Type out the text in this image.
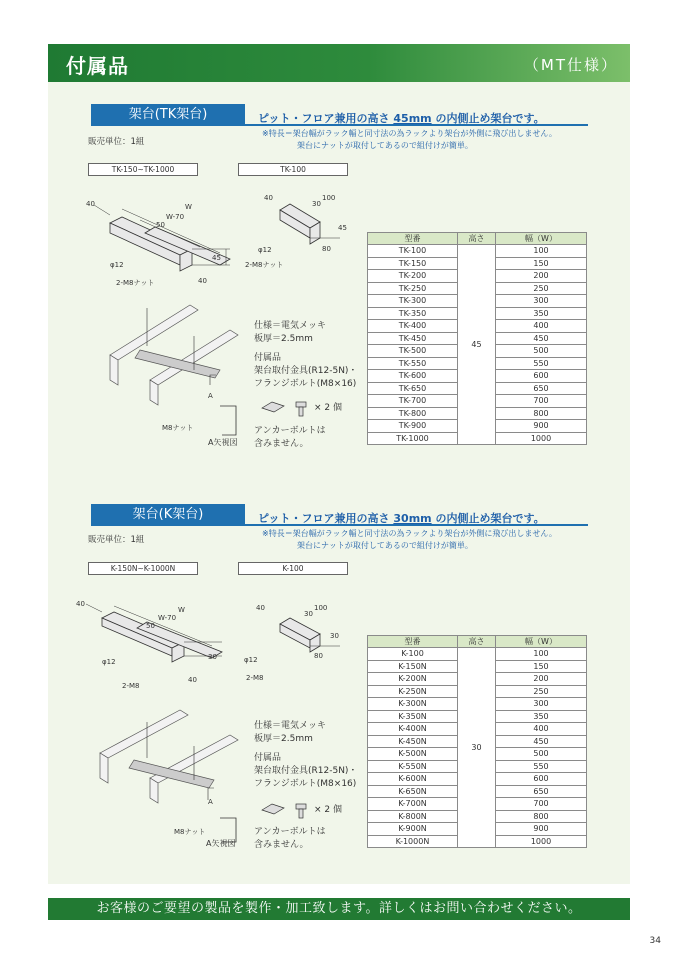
付属品	（MT仕様）
架台(TK架台)	ピット・フロア兼用の高さ 45mm の内側止め架台です。
※特長＝架台幅がラック幅と同寸法の為ラックより架台が外側に飛び出しません。
架台にナットが取付してあるので組付けが簡単。
販売単位：1組
TK-150~TK-1000	TK-100
40	W
W-70
50
φ12
2-M8ナット
45
40
40
30
100
45
φ12
2-M8ナット
80
A
M8ナット
A矢視図
仕様＝電気メッキ
板厚＝2.5mm
付属品
架台取付金具(R12-5N)・
フランジボルト(M8×16)
× 2 個
アンカーボルトは
含みません。
型番	高さ	幅（W）
TK-100	45	100
TK-150		150
TK-200		200
TK-250		250
TK-300		300
TK-350		350
TK-400		400
TK-450		450
TK-500		500
TK-550		550
TK-600		600
TK-650		650
TK-700		700
TK-800		800
TK-900		900
TK-1000		1000
架台(K架台)	ピット・フロア兼用の高さ 30mm の内側止め架台です。
※特長＝架台幅がラック幅と同寸法の為ラックより架台が外側に飛び出しません。
架台にナットが取付してあるので組付けが簡単。
販売単位：1組
K-150N~K-1000N	K-100
40
W
W-70
50
φ12
2-M8
30
40
40
30
100
30
φ12
2-M8
80
A
M8ナット
A矢視図
仕様＝電気メッキ
板厚＝2.5mm
付属品
架台取付金具(R12-5N)・
フランジボルト(M8×16)
× 2 個
アンカーボルトは
含みません。
型番	高さ	幅（W）
K-100	30	100
K-150N		150
K-200N		200
K-250N		250
K-300N		300
K-350N		350
K-400N		400
K-450N		450
K-500N		500
K-550N		550
K-600N		600
K-650N		650
K-700N		700
K-800N		800
K-900N		900
K-1000N		1000
お客様のご要望の製品を製作・加工致します。詳しくはお問い合わせください。
34
